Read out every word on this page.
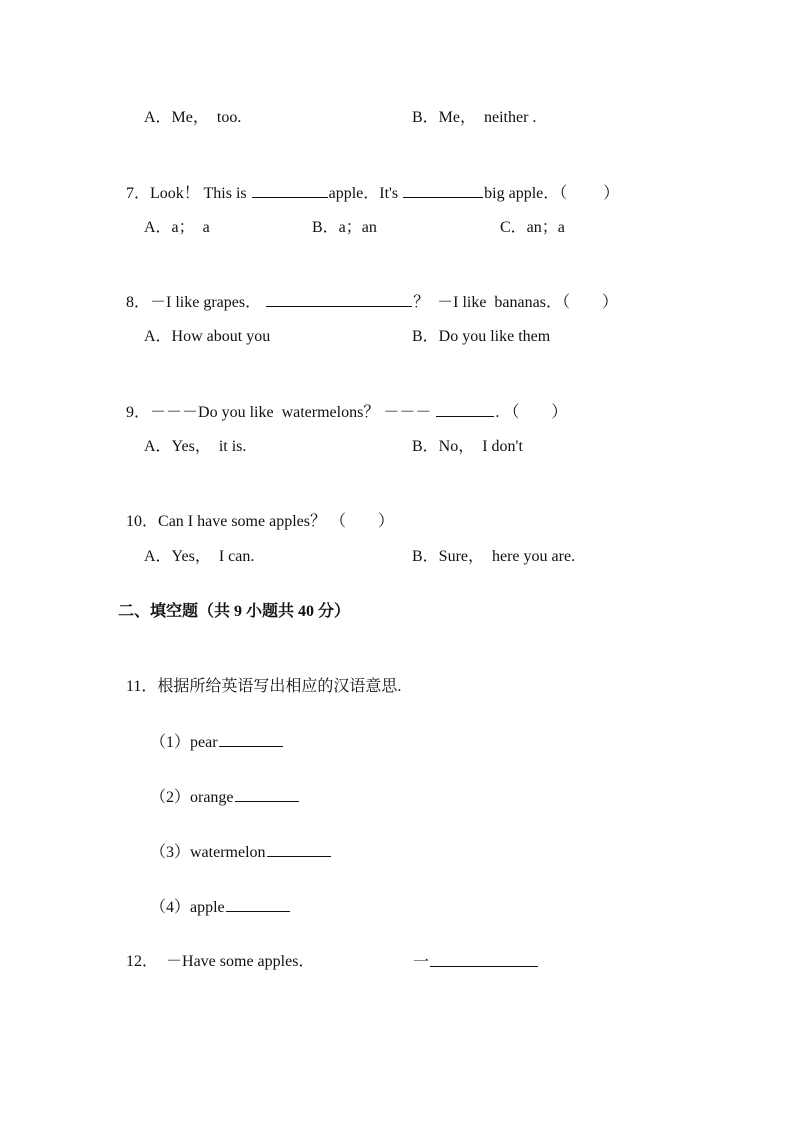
A．Me，  too.	B．Me，  neither .

7．Look！ This is	apple．It's	big apple．（         ）

A．a；  a	B．a；an	C．an；a

8．－I like grapes．	？  －I like  bananas．（        ）

A．How about you	B．Do you like them

9．－－－Do you like  watermelons？ －－－	. （        ）

A．Yes，  it is.	B．No，  I don't

10．Can I have some apples？ （        ）

A．Yes，  I can.	B．Sure，  here you are.
二、填空题（共 9 小题共 40 分）

11．根据所给英语写出相应的汉语意思.

（1）pear

（2）orange

（3）watermelon

（4）apple

12．  －Have some apples．	一
